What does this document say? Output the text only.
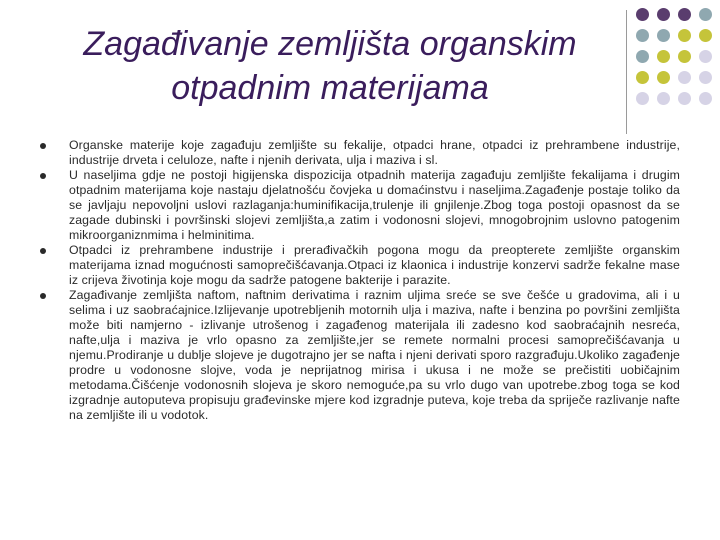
Zagađivanje zemljišta organskim
otpadnim materijama
Organske materije koje zagađuju zemljište su fekalije, otpadci hrane, otpadci iz prehrambene industrije, industrije drveta i celuloze, nafte i njenih derivata, ulja i maziva i sl.
U naseljima gdje ne postoji higijenska dispozicija otpadnih materija zagađuju zemljište fekalijama i drugim otpadnim materijama koje nastaju djelatnošću čovjeka u domaćinstvu i naseljima.Zagađenje postaje toliko da se javljaju nepovoljni uslovi razlaganja:huminifikacija,trulenje ili gnjilenje.Zbog toga postoji opasnost da se zagade dubinski i površinski slojevi zemljišta,a zatim i vodonosni slojevi, mnogobrojnim uslovno patogenim mikroorganiznmima i helminitima.
Otpadci iz prehrambene industrije i prerađivačkih pogona mogu da preopterete zemljište organskim materijama iznad mogućnosti samoprečišćavanja.Otpaci iz klaonica i industrije konzervi sadrže fekalne mase iz crijeva životinja koje mogu da sadrže patogene bakterije i parazite.
Zagađivanje zemljišta naftom, naftnim derivatima i raznim uljima sreće se sve češće u gradovima, ali i u selima i uz saobraćajnice.Izlijevanje upotrebljenih motornih ulja i maziva, nafte i benzina po površini zemljišta može biti namjerno - izlivanje utrošenog i zagađenog materijala ili zadesno kod saobraćajnih nesreća, nafte,ulja i maziva je vrlo opasno za zemljište,jer se remete normalni procesi samoprečišćavanja u njemu.Prodiranje u dublje slojeve je dugotrajno jer se nafta i njeni derivati sporo razgrađuju.Ukoliko zagađenje prodre u vodonosne slojve, voda je neprijatnog mirisa i ukusa i ne može se prečistiti uobičajnim metodama.Čišćenje vodonosnih slojeva je skoro nemoguće,pa su vrlo dugo van upotrebe.zbog toga se kod izgradnje autoputeva propisuju građevinske mjere kod izgradnje puteva, koje treba da spriječe razlivanje nafte na zemljište ili u vodotok.
